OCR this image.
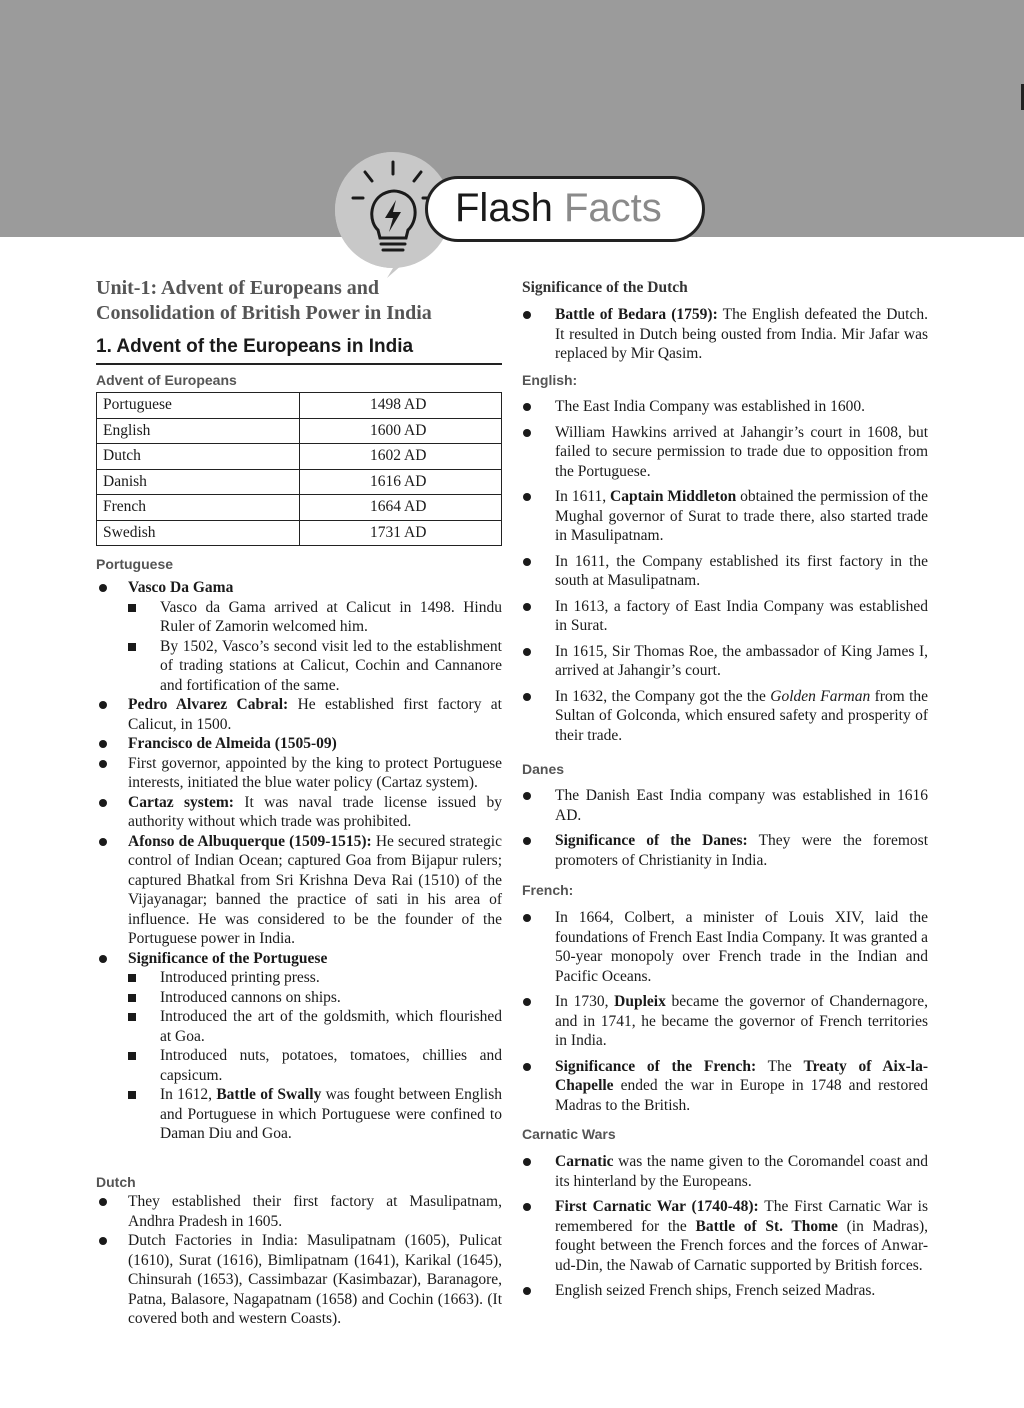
Flash Facts
Unit-1: Advent of Europeans and Consolidation of British Power in India
1. Advent of the Europeans in India
Advent of Europeans
Portuguese	1498 AD
English	1600 AD
Dutch	1602 AD
Danish	1616 AD
French	1664 AD
Swedish	1731 AD
Portuguese
Vasco Da Gama
Vasco da Gama arrived at Calicut in 1498. Hindu Ruler of Zamorin welcomed him.
By 1502, Vasco’s second visit led to the establishment of trading stations at Calicut, Cochin and Cannanore and fortification of the same.
Pedro Alvarez Cabral: He established first factory at Calicut, in 1500.
Francisco de Almeida (1505-09)
First governor, appointed by the king to protect Portuguese interests, initiated the blue water policy (Cartaz system).
Cartaz system: It was naval trade license issued by authority without which trade was prohibited.
Afonso de Albuquerque (1509-1515): He secured strategic control of Indian Ocean; captured Goa from Bijapur rulers; captured Bhatkal from Sri Krishna Deva Rai (1510) of the Vijayanagar; banned the practice of sati in his area of influence. He was considered to be the founder of the Portuguese power in India.
Significance of the Portuguese
Introduced printing press.
Introduced cannons on ships.
Introduced the art of the goldsmith, which flourished at Goa.
Introduced nuts, potatoes, tomatoes, chillies and capsicum.
In 1612, Battle of Swally was fought between English and Portuguese in which Portuguese were confined to Daman Diu and Goa.
Dutch
They established their first factory at Masulipatnam, Andhra Pradesh in 1605.
Dutch Factories in India: Masulipatnam (1605), Pulicat (1610), Surat (1616), Bimlipatnam (1641), Karikal (1645), Chinsurah (1653), Cassimbazar (Kasimbazar), Baranagore, Patna, Balasore, Nagapatnam (1658) and Cochin (1663). (It covered both and western Coasts).
Significance of the Dutch
Battle of Bedara (1759): The English defeated the Dutch. It resulted in Dutch being ousted from India. Mir Jafar was replaced by Mir Qasim.
English:
The East India Company was established in 1600.
William Hawkins arrived at Jahangir’s court in 1608, but failed to secure permission to trade due to opposition from the Portuguese.
In 1611, Captain Middleton obtained the permission of the Mughal governor of Surat to trade there, also started trade in Masulipatnam.
In 1611, the Company established its first factory in the south at Masulipatnam.
In 1613, a factory of East India Company was established in Surat.
In 1615, Sir Thomas Roe, the ambassador of King James I, arrived at Jahangir’s court.
In 1632, the Company got the the Golden Farman from the Sultan of Golconda, which ensured safety and prosperity of their trade.
Danes
The Danish East India company was established in 1616 AD.
Significance of the Danes: They were the foremost promoters of Christianity in India.
French:
In 1664, Colbert, a minister of Louis XIV, laid the foundations of French East India Company. It was granted a 50-year monopoly over French trade in the Indian and Pacific Oceans.
In 1730, Dupleix became the governor of Chandernagore, and in 1741, he became the governor of French territories in India.
Significance of the French: The Treaty of Aix-la-Chapelle ended the war in Europe in 1748 and restored Madras to the British.
Carnatic Wars
Carnatic was the name given to the Coromandel coast and its hinterland by the Europeans.
First Carnatic War (1740-48): The First Carnatic War is remembered for the Battle of St. Thome (in Madras), fought between the French forces and the forces of Anwar-ud-Din, the Nawab of Carnatic supported by British forces.
English seized French ships, French seized Madras.
